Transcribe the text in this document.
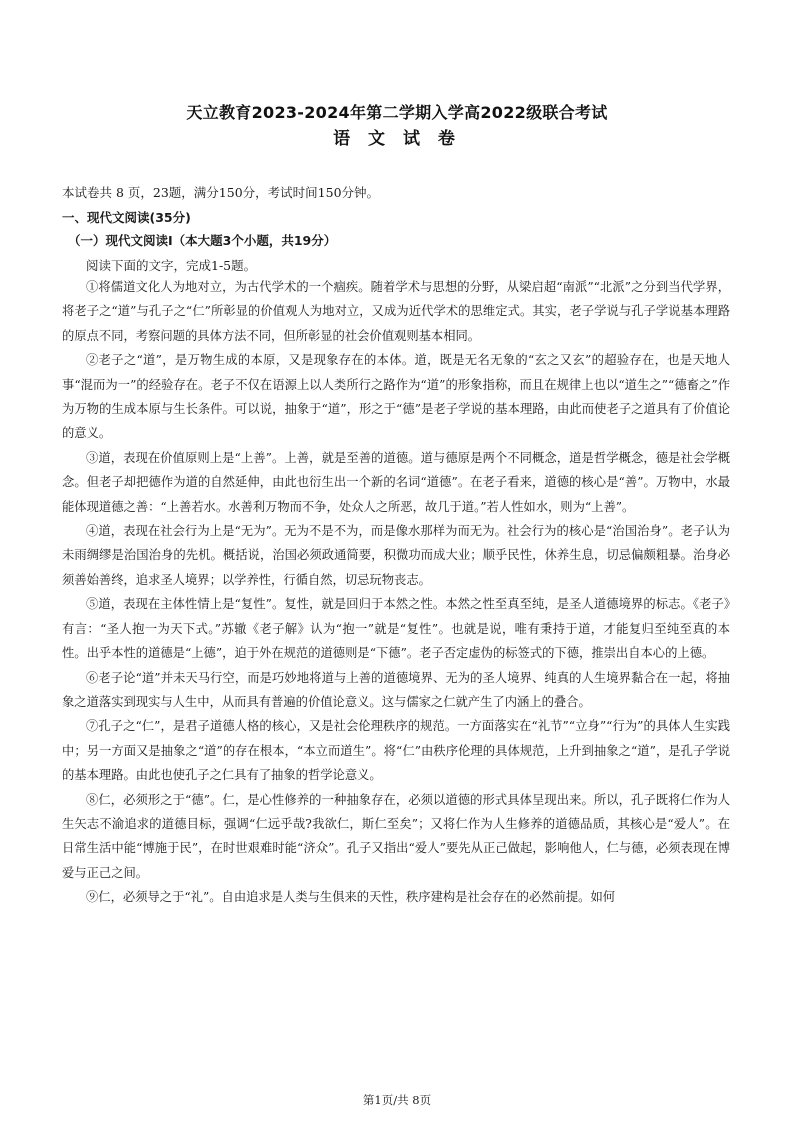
天立教育2023-2024年第二学期入学高2022级联合考试
语 文 试 卷
本试卷共 8 页，23题，满分150分，考试时间150分钟。
一、现代文阅读(35分)
（一）现代文阅读Ⅰ（本大题3个小题，共19分）
阅读下面的文字，完成1-5题。

①将儒道文化人为地对立，为古代学术的一个痼疾。随着学术与思想的分野，从梁启超“南派”“北派”之分到当代学界，将老子之“道”与孔子之“仁”所彰显的价值观人为地对立，又成为近代学术的思维定式。其实，老子学说与孔子学说基本理路的原点不同，考察问题的具体方法不同，但所彰显的社会价值观则基本相同。

②老子之“道”，是万物生成的本原，又是现象存在的本体。道，既是无名无象的“玄之又玄”的超验存在，也是天地人事“混而为一”的经验存在。老子不仅在语源上以人类所行之路作为“道”的形象指称，而且在规律上也以“道生之”“德畜之”作为万物的生成本原与生长条件。可以说，抽象于“道”，形之于“德”是老子学说的基本理路，由此而使老子之道具有了价值论的意义。

③道，表现在价值原则上是“上善”。上善，就是至善的道德。道与德原是两个不同概念，道是哲学概念，德是社会学概念。但老子却把德作为道的自然延伸，由此也衍生出一个新的名词“道德”。在老子看来，道德的核心是“善”。万物中，水最能体现道德之善：“上善若水。水善利万物而不争，处众人之所恶，故几于道。”若人性如水，则为“上善”。

④道，表现在社会行为上是“无为”。无为不是不为，而是像水那样为而无为。社会行为的核心是“治国治身”。老子认为未雨绸缪是治国治身的先机。概括说，治国必须政通简要，积微功而成大业；顺乎民性，休养生息，切忌偏颇粗暴。治身必须善始善终，追求圣人境界；以学养性，行循自然，切忌玩物丧志。

⑤道，表现在主体性情上是“复性”。复性，就是回归于本然之性。本然之性至真至纯，是圣人道德境界的标志。《老子》有言：“圣人抱一为天下式。”苏辙《老子解》认为“抱一”就是“复性”。也就是说，唯有秉持于道，才能复归至纯至真的本性。出乎本性的道德是“上德”，迫于外在规范的道德则是“下德”。老子否定虚伪的标签式的下德，推崇出自本心的上德。

⑥老子论“道”并未天马行空，而是巧妙地将道与上善的道德境界、无为的圣人境界、纯真的人生境界黏合在一起，将抽象之道落实到现实与人生中，从而具有普遍的价值论意义。这与儒家之仁就产生了内涵上的叠合。

⑦孔子之“仁”，是君子道德人格的核心，又是社会伦理秩序的规范。一方面落实在“礼节”“立身”“行为”的具体人生实践中；另一方面又是抽象之“道”的存在根本，“本立而道生”。将“仁”由秩序伦理的具体规范，上升到抽象之“道”，是孔子学说的基本理路。由此也使孔子之仁具有了抽象的哲学论意义。

⑧仁，必须形之于“德”。仁，是心性修养的一种抽象存在，必须以道德的形式具体呈现出来。所以，孔子既将仁作为人生矢志不渝追求的道德目标，强调“仁远乎哉?我欲仁，斯仁至矣”；又将仁作为人生修养的道德品质，其核心是“爱人”。在日常生活中能“博施于民”，在时世艰难时能“济众”。孔子又指出“爱人”要先从正己做起，影响他人，仁与德，必须表现在博爱与正己之间。

⑨仁，必须导之于“礼”。自由追求是人类与生俱来的天性，秩序建构是社会存在的必然前提。如何

第1页/共 8页
